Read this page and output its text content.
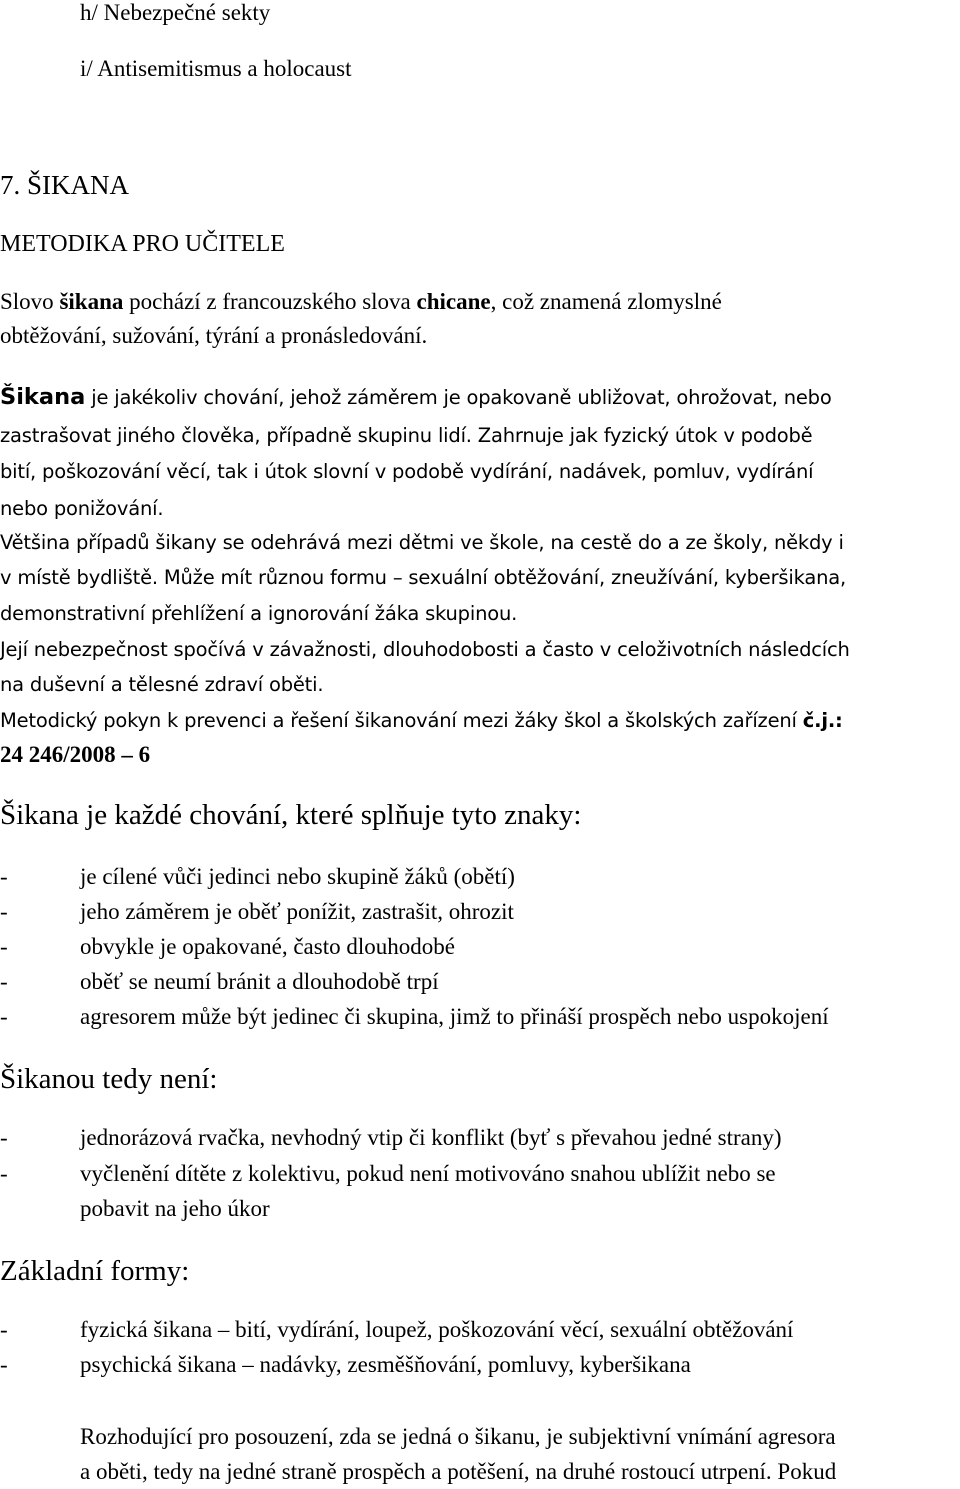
h/ Nebezpečné sekty
i/ Antisemitismus a holocaust
7. ŠIKANA
METODIKA PRO UČITELE
Slovo šikana pochází z francouzského slova chicane, což znamená zlomyslné
obtěžování, sužování, týrání a pronásledování.
Šikana je jakékoliv chování, jehož záměrem je opakovaně ubližovat, ohrožovat, nebo
zastrašovat jiného člověka, případně skupinu lidí. Zahrnuje jak fyzický útok v podobě
bití, poškozování věcí, tak i útok slovní v podobě vydírání, nadávek, pomluv, vydírání
nebo ponižování.
Většina případů šikany se odehrává mezi dětmi ve škole, na cestě do a ze školy, někdy i
v místě bydliště. Může mít různou formu – sexuální obtěžování, zneužívání, kyberšikana,
demonstrativní přehlížení a ignorování žáka skupinou.
Její nebezpečnost spočívá v závažnosti, dlouhodobosti a často v celoživotních následcích
na duševní a tělesné zdraví oběti.
Metodický pokyn k prevenci a řešení šikanování mezi žáky škol a školských zařízení č.j.:
24 246/2008 – 6
Šikana je každé chování, které splňuje tyto znaky:
-	je cílené vůči jedinci nebo skupině žáků (obětí)
-	jeho záměrem je oběť ponížit, zastrašit, ohrozit
-	obvykle je opakované, často dlouhodobé
-	oběť se neumí bránit a dlouhodobě trpí
-	agresorem může být jedinec či skupina, jimž to přináší prospěch nebo uspokojení
Šikanou tedy není:
-	jednorázová rvačka, nevhodný vtip či konflikt (byť s převahou jedné strany)
-	vyčlenění dítěte z kolektivu, pokud není motivováno snahou ublížit nebo se
pobavit na jeho úkor
Základní formy:
-	fyzická šikana – bití, vydírání, loupež, poškozování věcí, sexuální obtěžování
-	psychická šikana – nadávky, zesměšňování, pomluvy, kyberšikana
Rozhodující pro posouzení, zda se jedná o šikanu, je subjektivní vnímání agresora
a oběti, tedy na jedné straně prospěch a potěšení, na druhé rostoucí utrpení. Pokud
